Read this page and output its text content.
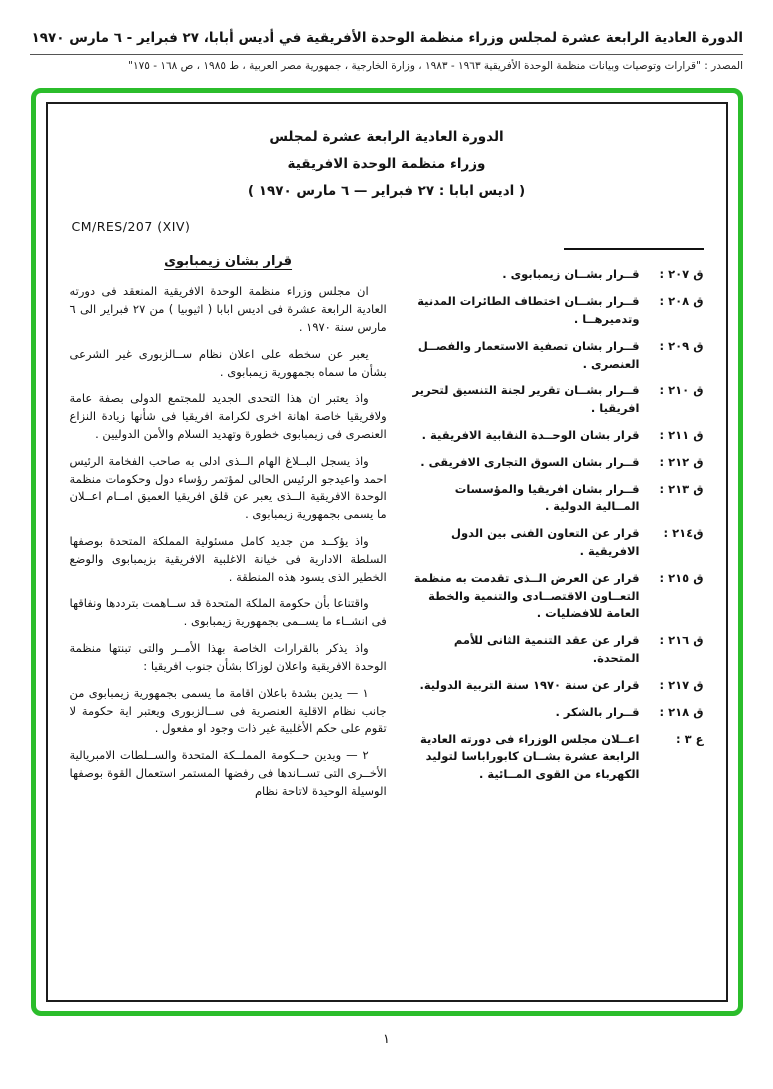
الدورة العادية الرابعة عشرة لمجلس وزراء منظمة الوحدة الأفريقية في أديس أبابا، ٢٧ فبراير - ٦ مارس ١٩٧٠
المصدر : "قرارات وتوصيات وبيانات منظمة الوحدة الأفريقية ١٩٦٣ - ١٩٨٣ ، وزارة الخارجية ، جمهورية مصر العربية ، ط ١٩٨٥ ، ص ١٦٨ - ١٧٥"
الدورة العادية الرابعة عشرة لمجلس
وزراء منظمة الوحدة الافريقية
( اديس ابابا : ٢٧ فبراير — ٦ مارس ١٩٧٠ )
CM/RES/207 (XIV)
ق ٢٠٧ :
قــرار بشــان زيمبابوى .
ق ٢٠٨ :
قــرار بشــان اختطاف الطائرات المدنية وتدميرهــا .
ق ٢٠٩ :
قــرار بشان تصفية الاستعمار والفصــل العنصرى .
ق ٢١٠ :
قــرار بشــان تقرير لجنة التنسيق لتحرير افريقيا .
ق ٢١١ :
قرار بشان الوحــدة النقابية الافريقية .
ق ٢١٢ :
قــرار بشان السوق التجارى الافريقى .
ق ٢١٣ :
قــرار بشان افريقيا والمؤسسات المــالية الدولية .
ق٢١٤ :
قرار عن التعاون الفنى بين الدول الافريقية .
ق ٢١٥ :
قرار عن العرض الــذى تقدمت به منظمة التعــاون الاقتصــادى والتنمية والخطة العامة للافضليات .
ق ٢١٦ :
قرار عن عقد التنمية الثانى للأمم المتحدة.
ق ٢١٧ :
قرار عن سنة ١٩٧٠ سنة التربية الدولية.
ق ٢١٨ :
قــرار بالشكر .
ع ٣ :
اعــلان مجلس الوزراء فى دورته العادية الرابعة عشرة بشــان كابوراباسا لتوليد الكهرباء من القوى المــائية .
قرار بشان زيمبابوى

ان مجلس وزراء منظمة الوحدة الافريقية المنعقد فى دورته العادية الرابعة عشرة فى اديس ابابا ( اثيوبيا ) من ٢٧ فبراير الى ٦ مارس سنة ١٩٧٠ .

يعبر عن سخطه على اعلان نظام ســالزبورى غير الشرعى بشأن ما سماه بجمهورية زيمبابوى .

واذ يعتبر ان هذا التحدى الجديد للمجتمع الدولى بصفة عامة ولافريقيا خاصة اهانة اخرى لكرامة افريقيا فى شأنها زيادة النزاع العنصرى فى زيمبابوى خطورة وتهديد السلام والأمن الدوليين .

واذ يسجل البــلاغ الهام الــذى ادلى به صاحب الفخامة الرئيس احمد واعيدجو الرئيس الحالى لمؤتمر رؤساء دول وحكومات منظمة الوحدة الافريقية الــذى يعبر عن قلق افريقيا العميق امــام اعــلان ما يسمى بجمهورية زيمبابوى .

واذ يؤكــد من جديد كامل مسئولية المملكة المتحدة بوصفها السلطة الادارية فى خيانة الاغلبية الافريقية بزيمبابوى والوضع الخطير الذى يسود هذه المنطقة .

واقتناعا بأن حكومة الملكة المتحدة قد ســاهمت بترددها ونفاقها فى انشــاء ما يســمى بجمهورية زيمبابوى .

واذ يذكر بالقرارات الخاصة بهذا الأمــر والتى تبنتها منظمة الوحدة الافريقية واعلان لوزاكا بشأن جنوب افريقيا :

١ — يدين بشدة باعلان اقامة ما يسمى بجمهورية زيمبابوى من جانب نظام الاقلية العنصرية فى ســالزبورى ويعتبر اية حكومة لا تقوم على حكم الأغلبية غير ذات وجود او مفعول .

٢ — ويدين حــكومة المملــكة المتحدة والســلطات الامبريالية الأخــرى التى تســاندها فى رفضها المستمر استعمال القوة بوصفها الوسيلة الوحيدة لاتاحة نظام

١
